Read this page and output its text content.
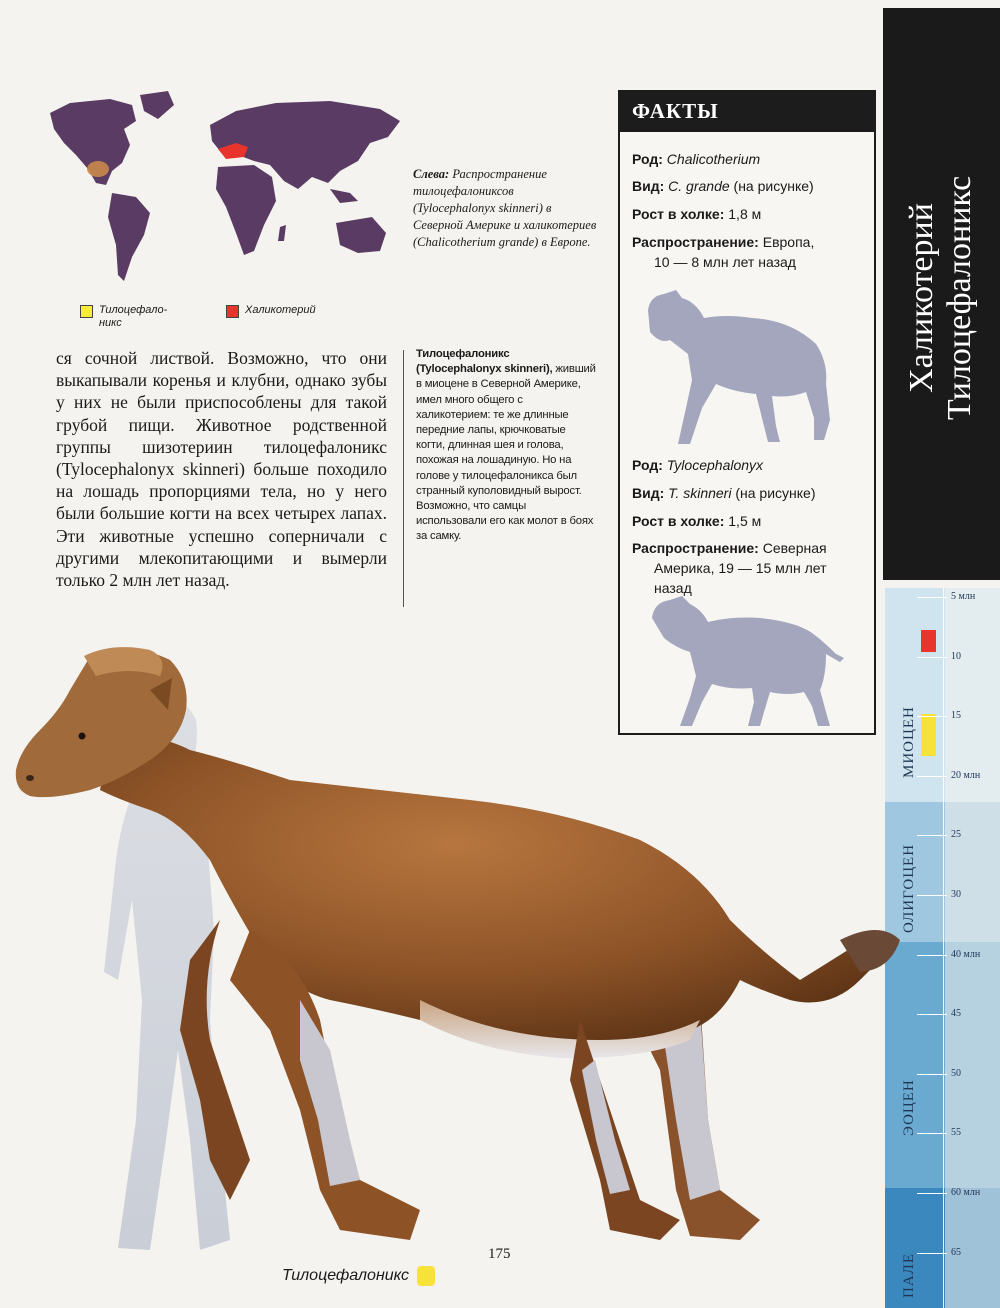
Тилоцефало-
никс
Халикотерий
Слева: Распространение тилоцефалониксов (Tylocephalonyx skinneri) в Северной Америке и халикотериев (Chalicotherium grande) в Европе.
ся сочной листвой. Возможно, что они выкапывали коренья и клубни, однако зубы у них не были приспособлены для такой грубой пищи. Животное родственной группы шизотериин тилоцефалоникс (Tylocephalonyx skinneri) больше походило на лошадь пропорциями тела, но у него были большие когти на всех четырех лапах. Эти животные успешно соперничали с другими млекопитающими и вымерли только 2 млн лет назад.
Тилоцефалоникс (Tylocephalonyx skinneri), живший в миоцене в Северной Америке, имел много общего с халикотерием: те же длинные передние лапы, крючковатые когти, длинная шея и голова, похожая на лошадиную. Но на голове у тилоцефалоникса был странный куполовидный вырост. Возможно, что самцы использовали его как молот в боях за самку.
ФАКТЫ
Род: Chalicotherium
Вид: C. grande (на рисунке)
Рост в холке: 1,8 м
Распространение: Европа,
10 — 8 млн лет назад
Род: Tylocephalonyx
Вид: T. skinneri (на рисунке)
Рост в холке: 1,5 м
Распространение: Северная
Америка, 19 — 15 млн лет
назад
Халикотерий Тилоцефалоникс
МИОЦЕН
ОЛИГОЦЕН
ЭОЦЕН
ПАЛЕ
5 млн
10
15
20 млн
25
30
40 млн
45
50
55
60 млн
65
175
Тилоцефалоникс
